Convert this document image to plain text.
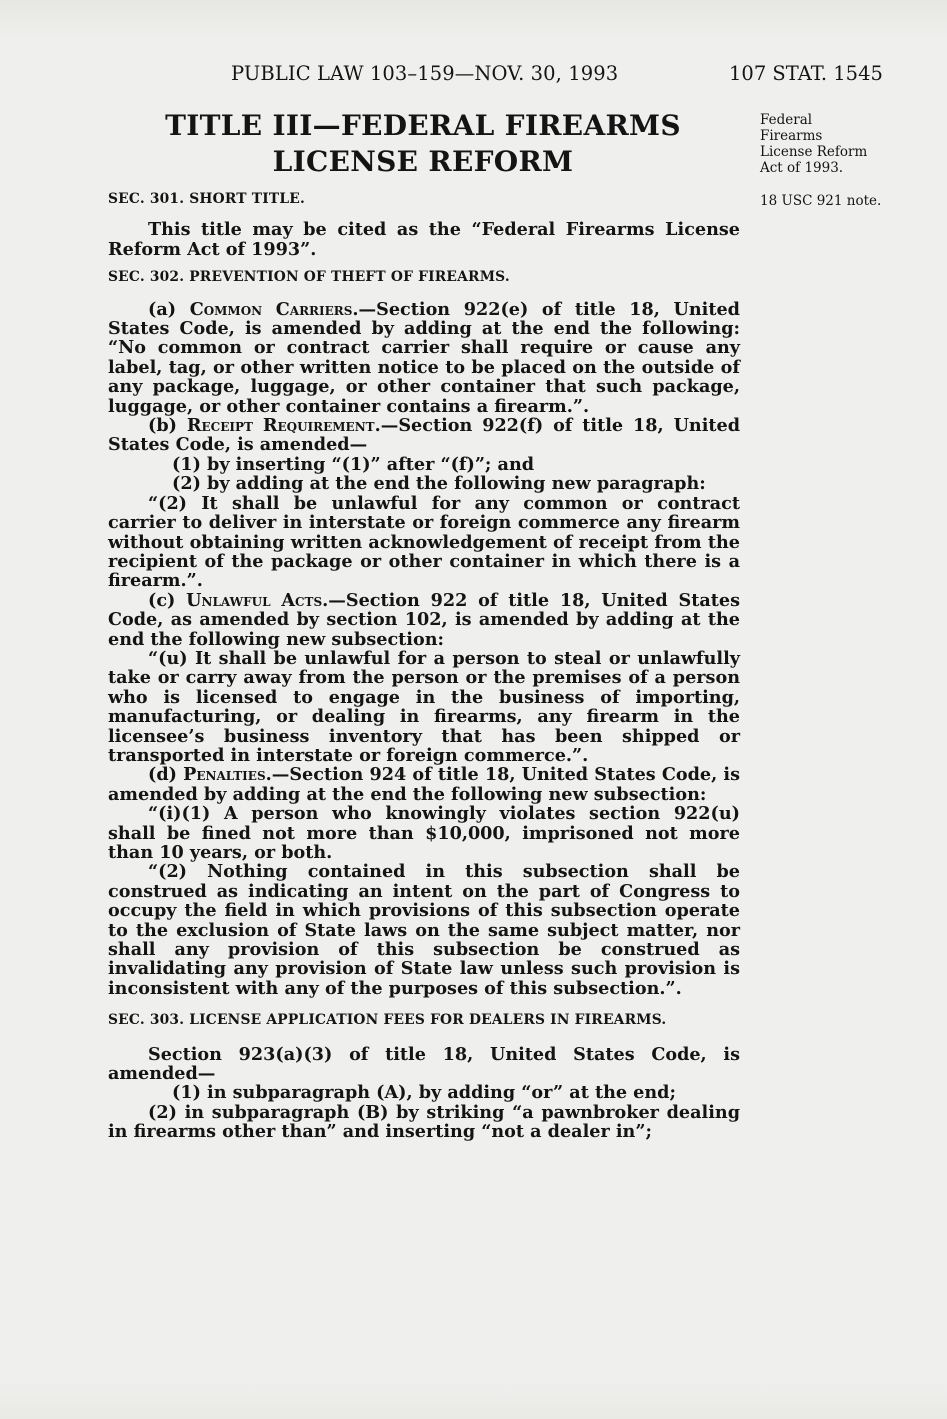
PUBLIC LAW 103–159—NOV. 30, 1993	107 STAT. 1545
TITLE III—FEDERAL FIREARMS
LICENSE REFORM
Federal
Firearms
License Reform
Act of 1993.
18 USC 921 note.

SEC. 301. SHORT TITLE.

This title may be cited as the “Federal Firearms License Reform Act of 1993”.

SEC. 302. PREVENTION OF THEFT OF FIREARMS.

(a) Common Carriers.—Section 922(e) of title 18, United States Code, is amended by adding at the end the following: “No common or contract carrier shall require or cause any label, tag, or other written notice to be placed on the outside of any package, luggage, or other container that such package, luggage, or other container contains a firearm.”.

(b) Receipt Requirement.—Section 922(f) of title 18, United States Code, is amended—

(1) by inserting “(1)” after “(f)”; and

(2) by adding at the end the following new paragraph:

“(2) It shall be unlawful for any common or contract carrier to deliver in interstate or foreign commerce any firearm without obtaining written acknowledgement of receipt from the recipient of the package or other container in which there is a firearm.”.

(c) Unlawful Acts.—Section 922 of title 18, United States Code, as amended by section 102, is amended by adding at the end the following new subsection:

“(u) It shall be unlawful for a person to steal or unlawfully take or carry away from the person or the premises of a person who is licensed to engage in the business of importing, manufacturing, or dealing in firearms, any firearm in the licensee’s business inventory that has been shipped or transported in interstate or foreign commerce.”.

(d) Penalties.—Section 924 of title 18, United States Code, is amended by adding at the end the following new subsection:

“(i)(1) A person who knowingly violates section 922(u) shall be fined not more than $10,000, imprisoned not more than 10 years, or both.

“(2) Nothing contained in this subsection shall be construed as indicating an intent on the part of Congress to occupy the field in which provisions of this subsection operate to the exclusion of State laws on the same subject matter, nor shall any provision of this subsection be construed as invalidating any provision of State law unless such provision is inconsistent with any of the purposes of this subsection.”.

SEC. 303. LICENSE APPLICATION FEES FOR DEALERS IN FIREARMS.

Section 923(a)(3) of title 18, United States Code, is amended—

(1) in subparagraph (A), by adding “or” at the end;

(2) in subparagraph (B) by striking “a pawnbroker dealing in firearms other than” and inserting “not a dealer in”;
